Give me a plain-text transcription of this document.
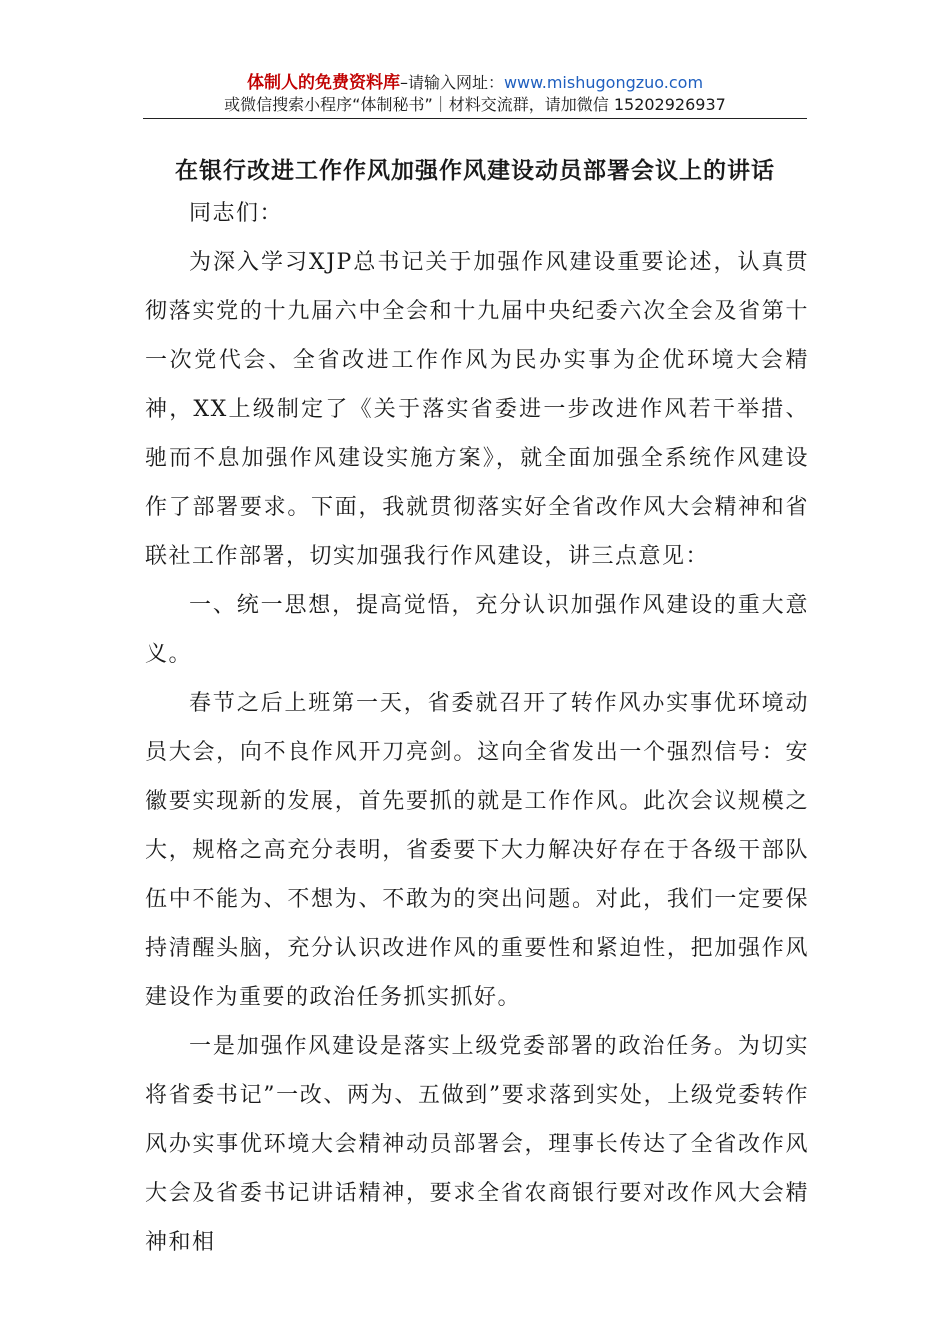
体制人的免费资料库–请输入网址：www.mishugongzuo.com
或微信搜索小程序“体制秘书”｜材料交流群，请加微信 15202926937
在银行改进工作作风加强作风建设动员部署会议上的讲话

同志们：

为深入学习XJP总书记关于加强作风建设重要论述，认真贯彻落实党的十九届六中全会和十九届中央纪委六次全会及省第十一次党代会、全省改进工作作风为民办实事为企优环境大会精神，XX上级制定了《关于落实省委进一步改进作风若干举措、驰而不息加强作风建设实施方案》，就全面加强全系统作风建设作了部署要求。下面，我就贯彻落实好全省改作风大会精神和省联社工作部署，切实加强我行作风建设，讲三点意见：

一、统一思想，提高觉悟，充分认识加强作风建设的重大意义。

春节之后上班第一天，省委就召开了转作风办实事优环境动员大会，向不良作风开刀亮剑。这向全省发出一个强烈信号：安徽要实现新的发展，首先要抓的就是工作作风。此次会议规模之大，规格之高充分表明，省委要下大力解决好存在于各级干部队伍中不能为、不想为、不敢为的突出问题。对此，我们一定要保持清醒头脑，充分认识改进作风的重要性和紧迫性，把加强作风建设作为重要的政治任务抓实抓好。

一是加强作风建设是落实上级党委部署的政治任务。为切实将省委书记”一改、两为、五做到”要求落到实处，上级党委转作风办实事优环境大会精神动员部署会，理事长传达了全省改作风大会及省委书记讲话精神，要求全省农商银行要对改作风大会精神和相
